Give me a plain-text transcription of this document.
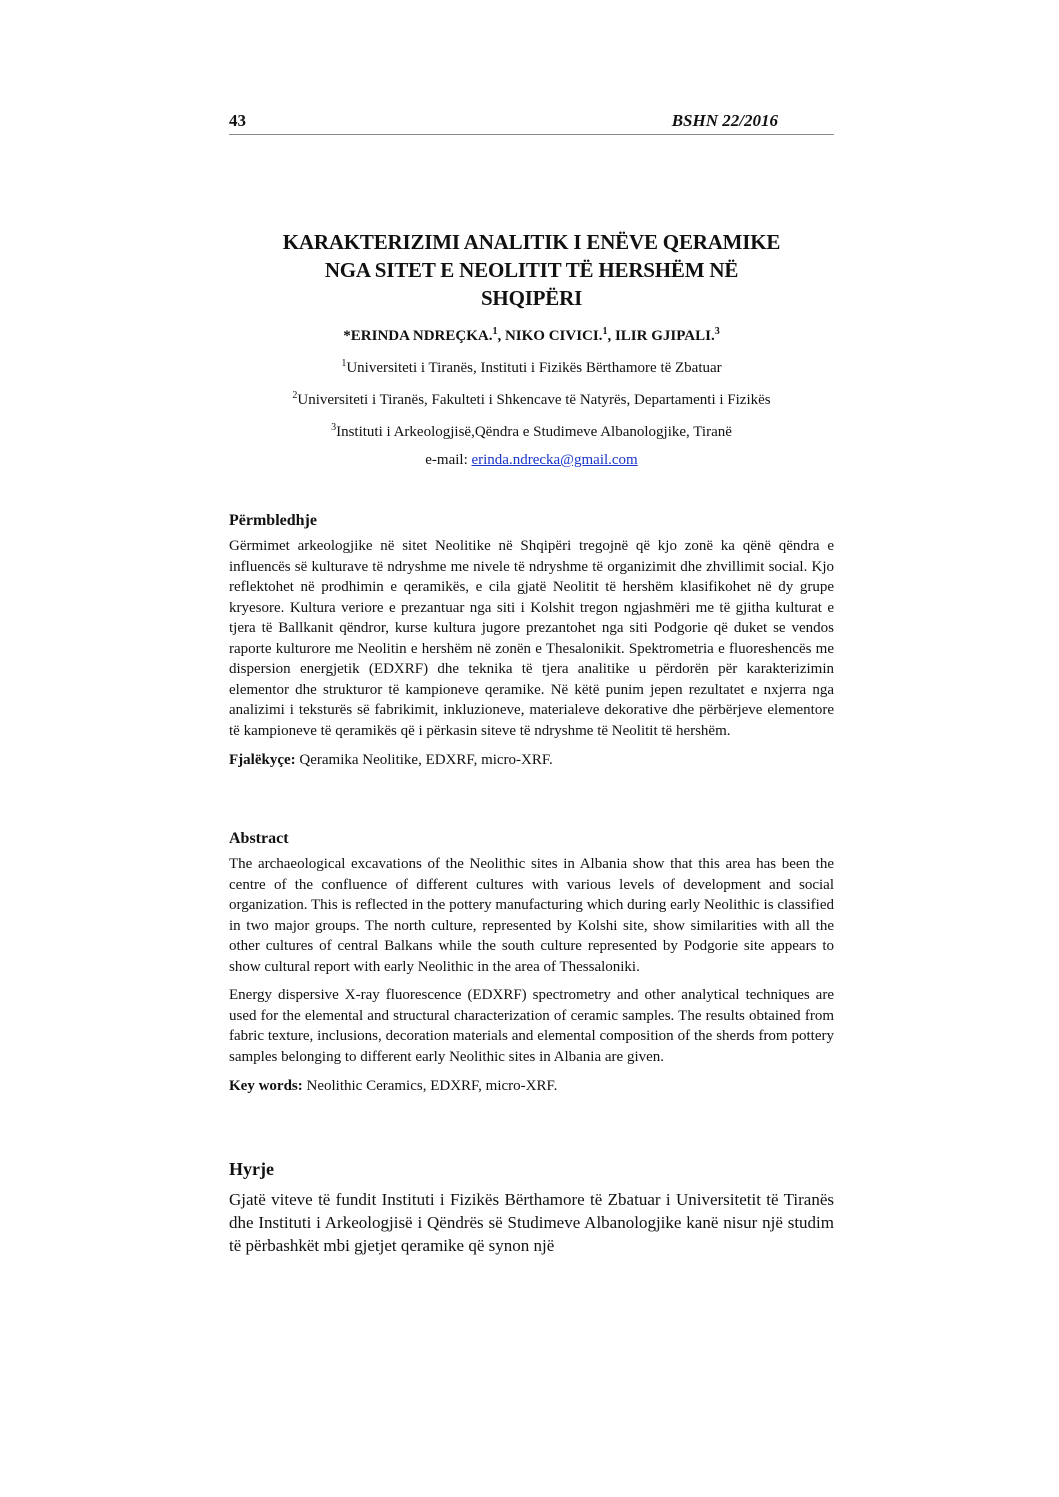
43	BSHN 22/2016
KARAKTERIZIMI ANALITIK I ENËVE QERAMIKE
NGA SITET E NEOLITIT TË HERSHËM NË
SHQIPËRI
*ERINDA NDREÇKA.$^1$, NIKO CIVICI.$^1$, ILIR GJIPALI.$^3$
$^1$Universiteti i Tiranës, Instituti i Fizikës Bërthamore të Zbatuar
$^2$Universiteti i Tiranës, Fakulteti i Shkencave të Natyrës, Departamenti i Fizikës
$^3$Instituti i Arkeologjisë,Qëndra e Studimeve Albanologjike, Tiranë
e-mail: erinda.ndrecka@gmail.com
Përmbledhje

Gërmimet arkeologjike në sitet Neolitike në Shqipëri tregojnë që kjo zonë ka qënë qëndra e influencës së kulturave të ndryshme me nivele të ndryshme të organizimit dhe zhvillimit social. Kjo reflektohet në prodhimin e qeramikës, e cila gjatë Neolitit të hershëm klasifikohet në dy grupe kryesore. Kultura veriore e prezantuar nga siti i Kolshit tregon ngjashmëri me të gjitha kulturat e tjera të Ballkanit qëndror, kurse kultura jugore prezantohet nga siti Podgorie që duket se vendos raporte kulturore me Neolitin e hershëm në zonën e Thesalonikit. Spektrometria e fluoreshencës me dispersion energjetik (EDXRF) dhe teknika të tjera analitike u përdorën për karakterizimin elementor dhe strukturor të kampioneve qeramike. Në këtë punim jepen rezultatet e nxjerra nga analizimi i teksturës së fabrikimit, inkluzioneve, materialeve dekorative dhe përbërjeve elementore të kampioneve të qeramikës që i përkasin siteve të ndryshme të Neolitit të hershëm.

Fjalëkyçe: Qeramika Neolitike, EDXRF, micro-XRF.

Abstract

The archaeological excavations of the Neolithic sites in Albania show that this area has been the centre of the confluence of different cultures with various levels of development and social organization. This is reflected in the pottery manufacturing which during early Neolithic is classified in two major groups. The north culture, represented by Kolshi site, show similarities with all the other cultures of central Balkans while the south culture represented by Podgorie site appears to show cultural report with early Neolithic in the area of Thessaloniki.

Energy dispersive X-ray fluorescence (EDXRF) spectrometry and other analytical techniques are used for the elemental and structural characterization of ceramic samples. The results obtained from fabric texture, inclusions, decoration materials and elemental composition of the sherds from pottery samples belonging to different early Neolithic sites in Albania are given.

Key words: Neolithic Ceramics, EDXRF, micro-XRF.

Hyrje

Gjatë viteve të fundit Instituti i Fizikës Bërthamore të Zbatuar i Universitetit të Tiranës dhe Instituti i Arkeologjisë i Qëndrës së Studimeve Albanologjike kanë nisur një studim të përbashkët mbi gjetjet qeramike që synon një
